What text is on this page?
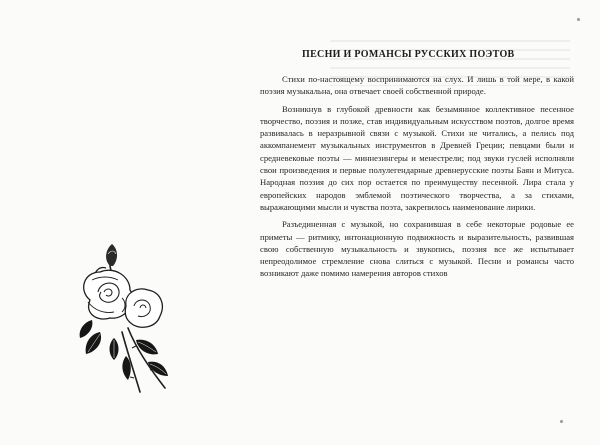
ПЕСНИ И РОМАНСЫ РУССКИХ ПОЭТОВ

Стихи по-настоящему воспринимаются на слух. И лишь в той мере, в какой поэзия музыкальна, она отвечает своей собственной природе.

Возникнув в глубокой древности как безымянное коллективное песенное творчество, поэзия и позже, став индивидуальным искусством поэтов, долгое время развивалась в неразрывной связи с музыкой. Стихи не читались, а пелись под аккомпанемент музыкальных инструментов в Древней Греции; певцами были и средневековые поэты — миннезингеры и менестрели; под звуки гуслей исполняли свои произведения и первые полулегендарные древнерусские поэты Баян и Митуса. Народная поэзия до сих пор остается по преимуществу песенной. Лира стала у европейских народов эмблемой поэтического творчества, а за стихами, выражающими мысли и чувства поэта, закрепилось наименование лирики.

Разъединенная с музыкой, но сохранившая в себе некоторые родовые ее приметы — ритмику, интонационную подвижность и выразительность, развившая свою собственную музыкальность и звукопись, поэзия все же испытывает непреодолимое стремление снова слиться с музыкой. Песни и романсы часто возникают даже помимо намерения авторов стихов
